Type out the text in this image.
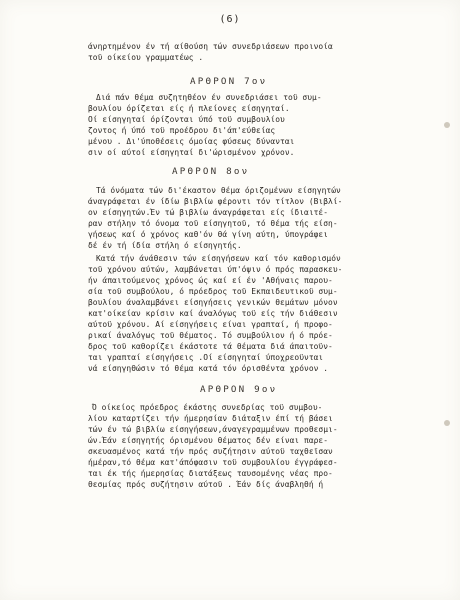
(6)
άνηρτημένον έν τή αίθούση τών συνεδριάσεων προινοία
τοϋ οίκείου γραμματέως .
ΑΡΘΡΟΝ 7ον
Διά πάν θέμα συζητηθέον έν συνεδριάσει τοϋ συμ-
βουλίου όρίζεται είς ή πλείονες είσηγηταί.
Οί είσηγηταί όρίζονται ύπό τοϋ συμβουλίου
ζοντος ή ύπό τοϋ προέδρου δι'άπ'εύθείας
μένου . Δι'ύποθέσεις όμοίας φύσεως δύνανται
σιν οί αύτοί είσηγηταί δι'ώρισμένον χρόνον.
ΑΡΘΡΟΝ 8ον
Τά όνόματα τών δι'έκαστον θέμα όριζομένων είσηγητών
άναγράφεται έν ίδίω βιβλίω φέροντι τόν τίτλον (Βιβλί-
ον είσηγητών.Έν τώ βιβλίω άναγράφεται είς ίδιαιτέ-
ραν στήλην τό όνομα τοϋ είσηγητοϋ, τό θέμα τής είση-
γήσεως καί ό χρόνος καθ'όν θά γίνη αύτη, ύπογράφει
δέ έν τή ίδία στήλη ό είσηγητής.
Κατά τήν άνάθεσιν τών είσηγήσεων καί τόν καθορισμόν
τοϋ χρόνου αύτών, λαμβάνεται ύπ'όψιν ό πρός παρασκευ-
ήν άπαιτούμενος χρόνος ώς καί εί έν 'Αθήναις παρου-
σία τοϋ συμβούλου, ό πρόεδρος τοϋ Εκπαιδευτικοϋ συμ-
βουλίου άναλαμβάνει είσηγήσεις γενικών θεμάτων μόνον
κατ'οίκείαν κρίσιν καί άναλόγως τοϋ είς τήν διάθεσιν
αύτοϋ χρόνου. Αί είσηγήσεις είναι γραπταί, ή προφο-
ρικαί άναλόγως τοϋ θέματος. Τό συμβούλιον ή ό πρόε-
δρος τοϋ καθορίζει έκάστοτε τά θέματα διά άπαιτοϋν-
ται γραπταί είσηγήσεις .Οί είσηγηταί ύποχρεοϋνται
νά είσηγηθώσιν τό θέμα κατά τόν όρισθέντα χρόνον .
ΑΡΘΡΟΝ 9ον
Ό οίκείος πρόεδρος έκάστης συνεδρίας τοϋ συμβου-
λίου καταρτίζει τήν ήμερησίαν διάταξιν έπί τή βάσει
τών έν τώ βιβλίω είσηγήσεων,άναγεγραμμένων προθεσμι-
ών.Έάν είσηγητής όρισμένου θέματος δέν είναι παρε-
σκευασμένος κατά τήν πρός συζήτησιν αύτοϋ ταχθεϊσαν
ήμέραν,τό θέμα κατ'άπόφασιν τοϋ συμβουλίου έγγράφεσ-
ται έκ τής ήμερησίας διατάξεως ταυσομένης νέας προ-
θεσμίας πρός συζήτησιν αύτοϋ . Έάν δίς άναβληθή ή
